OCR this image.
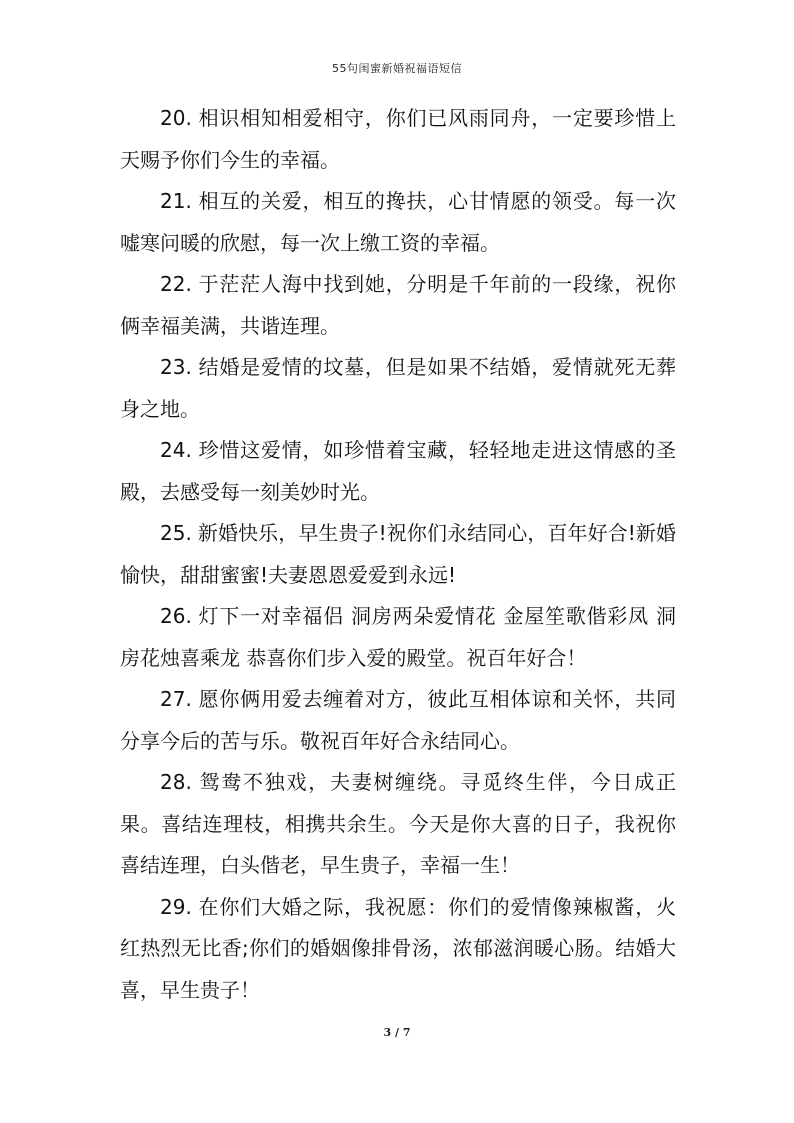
55句闺蜜新婚祝福语短信

20. 相识相知相爱相守，你们已风雨同舟，一定要珍惜上天赐予你们今生的幸福。

21. 相互的关爱，相互的搀扶，心甘情愿的领受。每一次嘘寒问暖的欣慰，每一次上缴工资的幸福。

22. 于茫茫人海中找到她，分明是千年前的一段缘，祝你俩幸福美满，共谐连理。

23. 结婚是爱情的坟墓，但是如果不结婚，爱情就死无葬身之地。

24. 珍惜这爱情，如珍惜着宝藏，轻轻地走进这情感的圣殿，去感受每一刻美妙时光。

25. 新婚快乐，早生贵子!祝你们永结同心，百年好合!新婚愉快，甜甜蜜蜜!夫妻恩恩爱爱到永远!

26. 灯下一对幸福侣 洞房两朵爱情花 金屋笙歌偕彩凤 洞房花烛喜乘龙 恭喜你们步入爱的殿堂。祝百年好合！

27. 愿你俩用爱去缠着对方，彼此互相体谅和关怀，共同分享今后的苦与乐。敬祝百年好合永结同心。

28. 鸳鸯不独戏，夫妻树缠绕。寻觅终生伴，今日成正果。喜结连理枝，相携共余生。今天是你大喜的日子，我祝你喜结连理，白头偕老，早生贵子，幸福一生！

29. 在你们大婚之际，我祝愿：你们的爱情像辣椒酱，火红热烈无比香;你们的婚姻像排骨汤，浓郁滋润暖心肠。结婚大喜，早生贵子！

3 / 7
